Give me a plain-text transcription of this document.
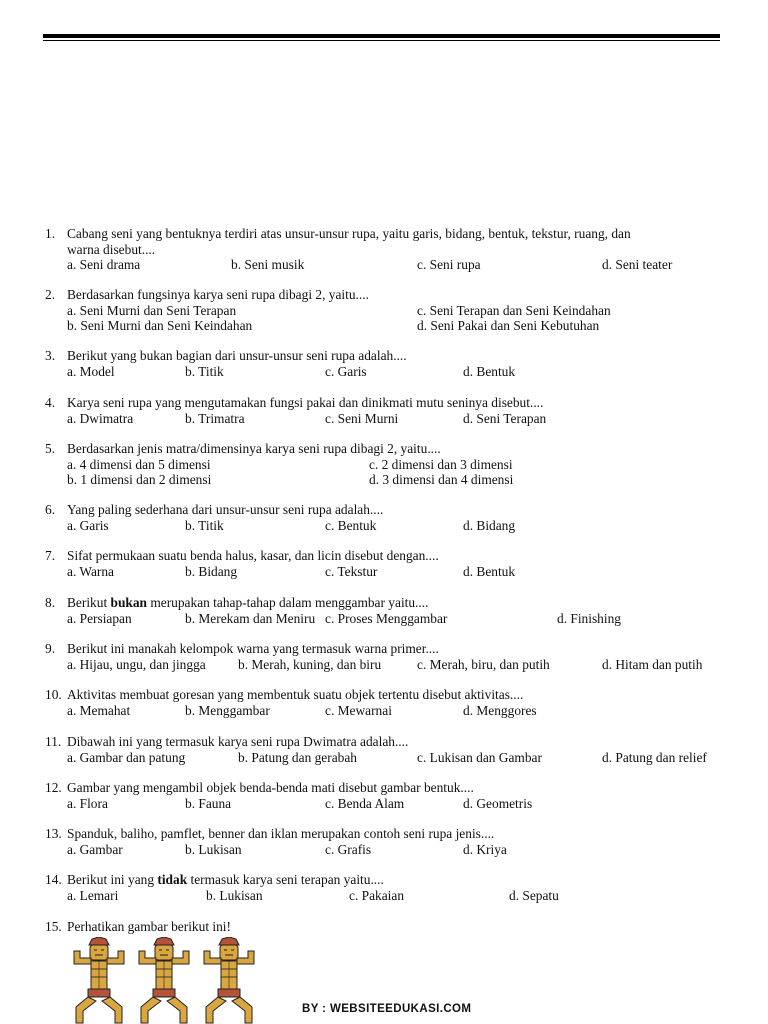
1. Cabang seni yang bentuknya terdiri atas unsur-unsur rupa, yaitu garis, bidang, bentuk, tekstur, ruang, dan
warna disebut....
a. Seni drama	b. Seni musik	c. Seni rupa	d. Seni teater
2. Berdasarkan fungsinya karya seni rupa dibagi 2, yaitu....
a. Seni Murni dan Seni Terapan	c. Seni Terapan dan Seni Keindahan
b. Seni Murni dan Seni Keindahan	d. Seni Pakai dan Seni Kebutuhan
3. Berikut yang bukan bagian dari unsur-unsur seni rupa adalah....
a. Model	b. Titik	c. Garis	d. Bentuk
4. Karya seni rupa yang mengutamakan fungsi pakai dan dinikmati mutu seninya disebut....
a. Dwimatra	b. Trimatra	c. Seni Murni	d. Seni Terapan
5. Berdasarkan jenis matra/dimensinya karya seni rupa dibagi 2, yaitu....
a. 4 dimensi dan 5 dimensi	c. 2 dimensi dan 3 dimensi
b. 1 dimensi dan 2 dimensi	d. 3 dimensi dan 4 dimensi
6. Yang paling sederhana dari unsur-unsur seni rupa adalah....
a. Garis	b. Titik	c. Bentuk	d. Bidang
7. Sifat permukaan suatu benda halus, kasar, dan licin disebut dengan....
a. Warna	b. Bidang	c. Tekstur	d. Bentuk
8. Berikut bukan merupakan tahap-tahap dalam menggambar yaitu....
a. Persiapan	b. Merekam dan Meniru c. Proses Menggambar	d. Finishing
9. Berikut ini manakah kelompok warna yang termasuk warna primer....
a. Hijau, ungu, dan jingga b. Merah, kuning, dan biru	c. Merah, biru, dan putih	d. Hitam dan putih
10. Aktivitas membuat goresan yang membentuk suatu objek tertentu disebut aktivitas....
a. Memahat	b. Menggambar	c. Mewarnai	d. Menggores
11. Dibawah ini yang termasuk karya seni rupa Dwimatra adalah....
a. Gambar dan patung	b. Patung dan gerabah	c. Lukisan dan Gambar	d. Patung dan relief
12. Gambar yang mengambil objek benda-benda mati disebut gambar bentuk....
a. Flora	b. Fauna	c. Benda Alam	d. Geometris
13. Spanduk, baliho, pamflet, benner dan iklan merupakan contoh seni rupa jenis....
a. Gambar	b. Lukisan	c. Grafis	d. Kriya
14. Berikut ini yang tidak termasuk karya seni terapan yaitu....
a. Lemari	b. Lukisan	c. Pakaian	d. Sepatu
15. Perhatikan gambar berikut ini!
BY : WEBSITEEDUKASI.COM
